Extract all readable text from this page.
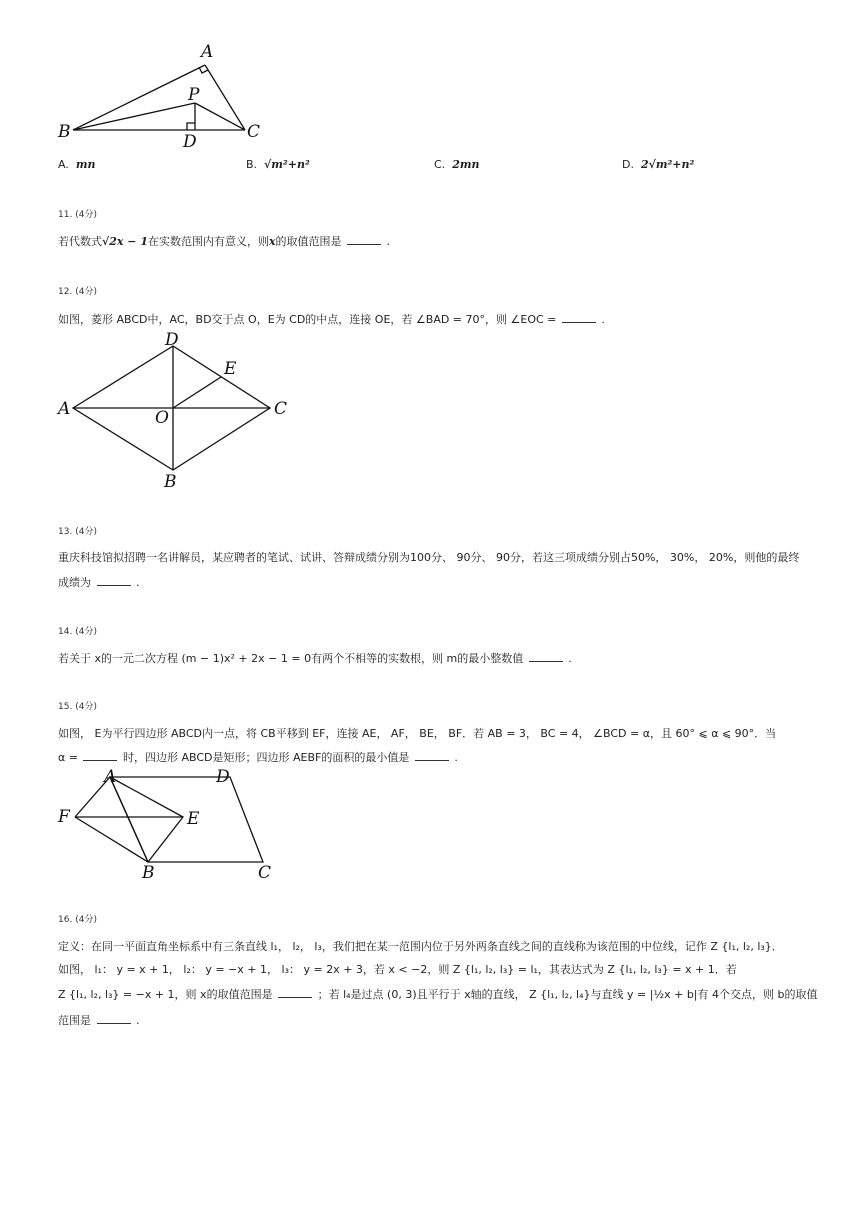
A
B	C
P
D
A. mn	B. √m²+n²	C. 2mn	D. 2√m²+n²
11. (4分)
若代数式√2x − 1在实数范围内有意义，则x的取值范围是	.
12. (4分)
如图，菱形 ABCD中，AC，BD交于点 O，E为 CD的中点，连接 OE，若 ∠BAD = 70°，则 ∠EOC =	.
A
D
E
C
O
B
13. (4分)
重庆科技馆拟招聘一名讲解员，某应聘者的笔试、试讲、答辩成绩分别为100分、 90分、 90分，若这三项成绩分别占50%， 30%， 20%，则他的最终
成绩为	.
14. (4分)
若关于 x的一元二次方程 (m − 1)x² + 2x − 1 = 0有两个不相等的实数根，则 m的最小整数值	.
15. (4分)
如图， E为平行四边形 ABCD内一点，将 CB平移到 EF，连接 AE， AF， BE， BF．若 AB = 3， BC = 4， ∠BCD = α，且 60° ⩽ α ⩽ 90°．当
α =	时，四边形 ABCD是矩形；四边形 AEBF的面积的最小值是	.
A	D
F	E
B	C
16. (4分)
定义：在同一平面直角坐标系中有三条直线 l₁， l₂， l₃，我们把在某一范围内位于另外两条直线之间的直线称为该范围的中位线，记作 Z {l₁, l₂, l₃}．
如图， l₁： y = x + 1， l₂： y = −x + 1， l₃： y = 2x + 3，若 x < −2，则 Z {l₁, l₂, l₃} = l₁，其表达式为 Z {l₁, l₂, l₃} = x + 1．若
Z {l₁, l₂, l₃} = −x + 1，则 x的取值范围是	；若 l₄是过点 (0, 3)且平行于 x轴的直线， Z {l₁, l₂, l₄}与直线 y = |½x + b|有 4个交点，则 b的取值
范围是	.
